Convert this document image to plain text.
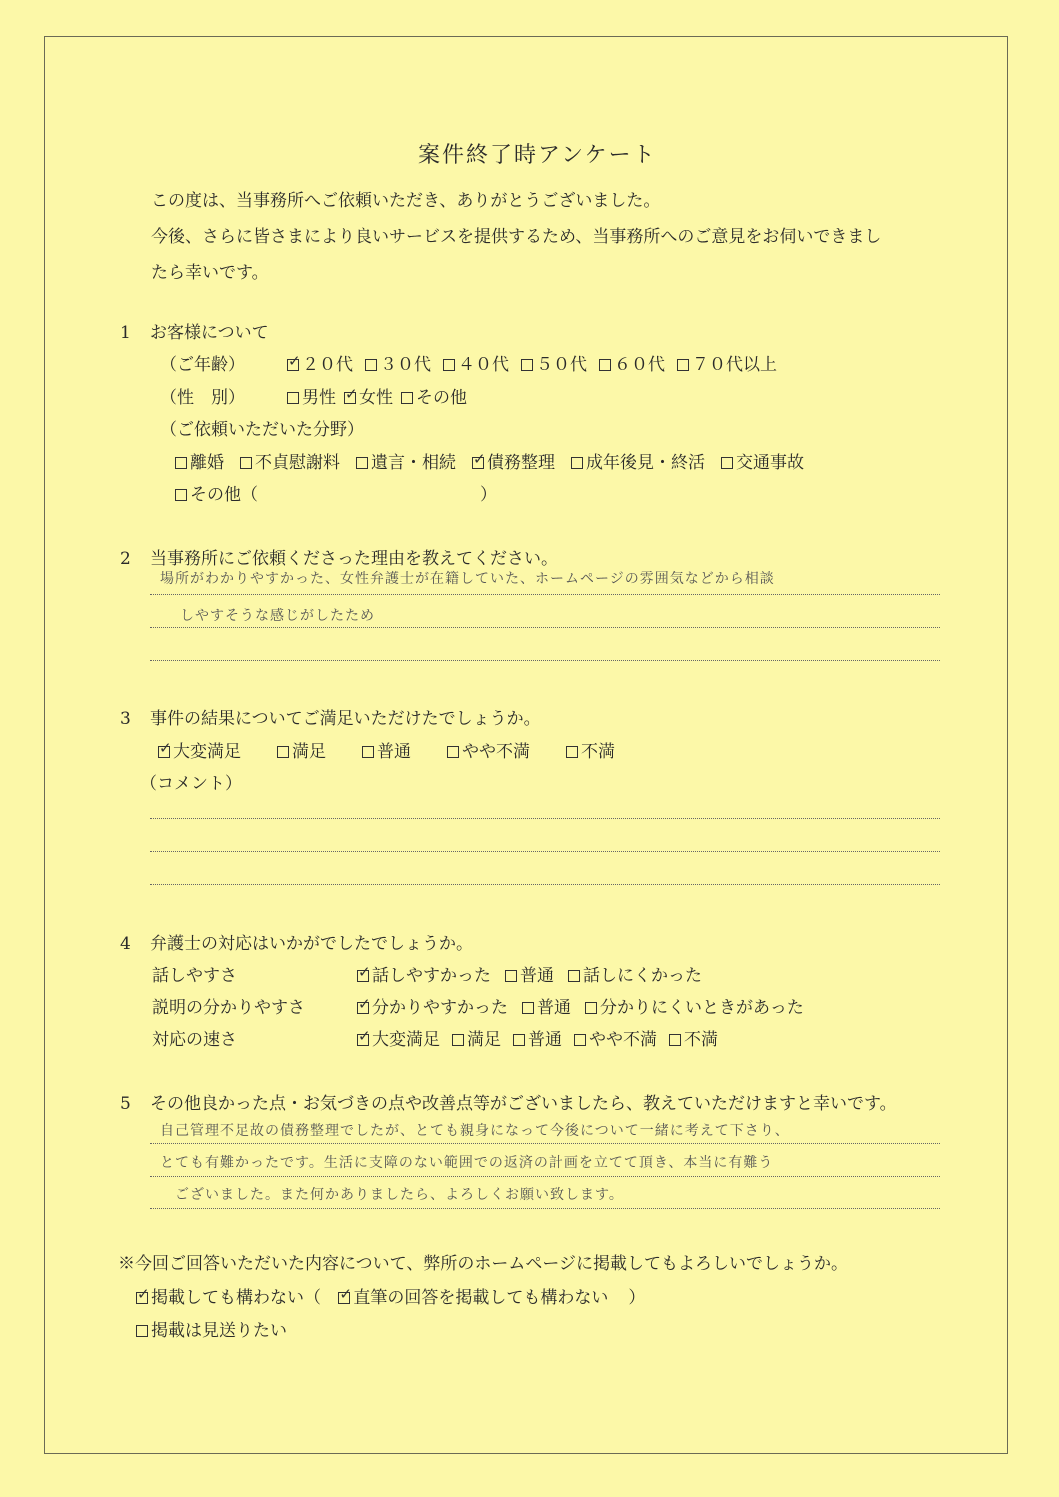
案件終了時アンケート
この度は、当事務所へご依頼いただき、ありがとうございました。
今後、さらに皆さまにより良いサービスを提供するため、当事務所へのご意見をお伺いできまし
たら幸いです。
1 お客様について
（ご年齢） ✓	２０代 ３０代 ４０代 ５０代 ６０代 ７０代以上
（性　別）	男性 ✓ 女性 その他
（ご依頼いただいた分野）
離婚 不貞慰謝料 遺言・相続 ✓ 債務整理 成年後見・終活 交通事故
その他（	）
2 当事務所にご依頼くださった理由を教えてください。
場所がわかりやすかった、女性弁護士が在籍していた、ホームページの雰囲気などから相談
しやすそうな感じがしたため
3 事件の結果についてご満足いただけたでしょうか。
✓大変満足	満足	普通	やや不満	不満
（コメント）
4 弁護士の対応はいかがでしたでしょうか。
話しやすさ ✓	話しやすかった 普通 話しにくかった
説明の分かりやすさ ✓	分かりやすかった 普通 分かりにくいときがあった
対応の速さ ✓	大変満足 満足 普通 やや不満 不満
5 その他良かった点・お気づきの点や改善点等がございましたら、教えていただけますと幸いです。
自己管理不足故の債務整理でしたが、とても親身になって今後について一緒に考えて下さり、
とても有難かったです。生活に支障のない範囲での返済の計画を立てて頂き、本当に有難う
ございました。また何かありましたら、よろしくお願い致します。
※今回ご回答いただいた内容について、弊所のホームページに掲載してもよろしいでしょうか。
✓掲載しても構わない（ ✓ 直筆の回答を掲載しても構わない ）
掲載は見送りたい
